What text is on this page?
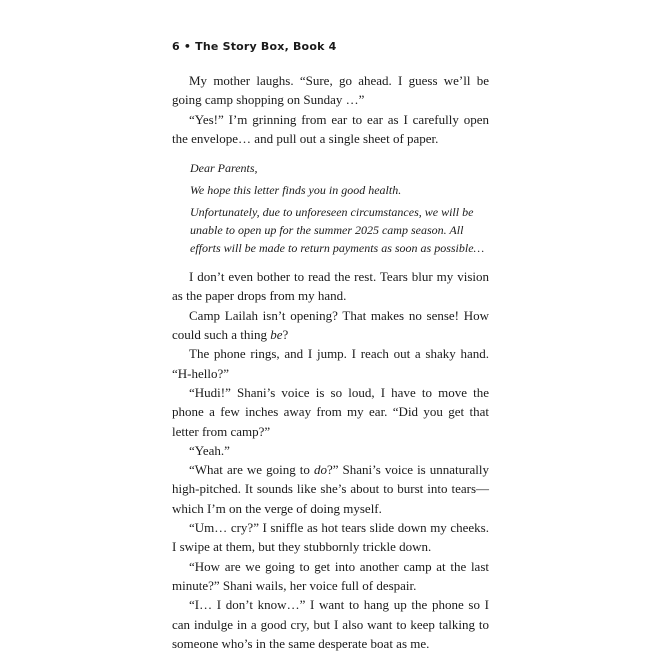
6 • The Story Box, Book 4

My mother laughs. “Sure, go ahead. I guess we’ll be going camp shopping on Sunday …”

“Yes!” I’m grinning from ear to ear as I carefully open the envelope… and pull out a single sheet of paper.

Dear Parents,

We hope this letter finds you in good health.

Unfortunately, due to unforeseen circumstances, we will be unable to open up for the summer 2025 camp season. All efforts will be made to return payments as soon as possible…

I don’t even bother to read the rest. Tears blur my vision as the paper drops from my hand.

Camp Lailah isn’t opening? That makes no sense! How could such a thing be?

The phone rings, and I jump. I reach out a shaky hand. “H-hello?”

“Hudi!” Shani’s voice is so loud, I have to move the phone a few inches away from my ear. “Did you get that letter from camp?”

“Yeah.”

“What are we going to do?” Shani’s voice is unnaturally high-pitched. It sounds like she’s about to burst into tears—which I’m on the verge of doing myself.

“Um… cry?” I sniffle as hot tears slide down my cheeks. I swipe at them, but they stubbornly trickle down.

“How are we going to get into another camp at the last minute?” Shani wails, her voice full of despair.

“I… I don’t know…” I want to hang up the phone so I can indulge in a good cry, but I also want to keep talking to someone who’s in the same desperate boat as me.
